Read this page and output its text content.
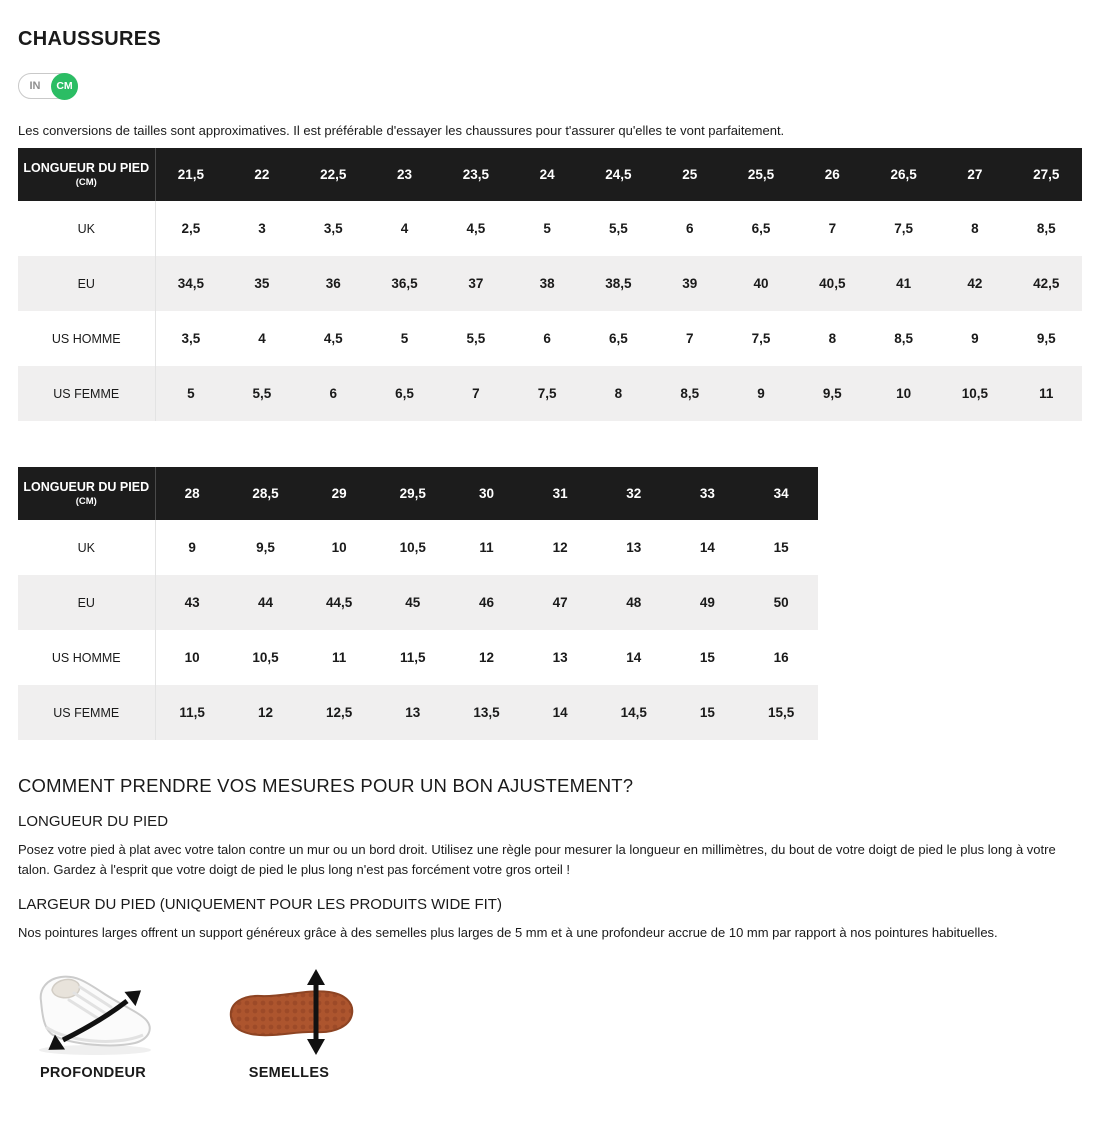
CHAUSSURES
IN	CM

Les conversions de tailles sont approximatives. Il est préférable d'essayer les chaussures pour t'assurer qu'elles te vont parfaitement.

LONGUEUR DU PIED
(CM)	21,5	22	22,5	23	23,5	24	24,5	25	25,5	26	26,5	27	27,5
UK	2,5	3	3,5	4	4,5	5	5,5	6	6,5	7	7,5	8	8,5
EU	34,5	35	36	36,5	37	38	38,5	39	40	40,5	41	42	42,5
US HOMME	3,5	4	4,5	5	5,5	6	6,5	7	7,5	8	8,5	9	9,5
US FEMME	5	5,5	6	6,5	7	7,5	8	8,5	9	9,5	10	10,5	11
LONGUEUR DU PIED
(CM)	28	28,5	29	29,5	30	31	32	33	34
UK	9	9,5	10	10,5	11	12	13	14	15
EU	43	44	44,5	45	46	47	48	49	50
US HOMME	10	10,5	11	11,5	12	13	14	15	16
US FEMME	11,5	12	12,5	13	13,5	14	14,5	15	15,5
COMMENT PRENDRE VOS MESURES POUR UN BON AJUSTEMENT?
LONGUEUR DU PIED

Posez votre pied à plat avec votre talon contre un mur ou un bord droit. Utilisez une règle pour mesurer la longueur en millimètres, du bout de votre doigt de pied le plus long à votre talon. Gardez à l'esprit que votre doigt de pied le plus long n'est pas forcément votre gros orteil !

LARGEUR DU PIED (UNIQUEMENT POUR LES PRODUITS WIDE FIT)

Nos pointures larges offrent un support généreux grâce à des semelles plus larges de 5 mm et à une profondeur accrue de 10 mm par rapport à nos pointures habituelles.

PROFONDEUR	SEMELLES
